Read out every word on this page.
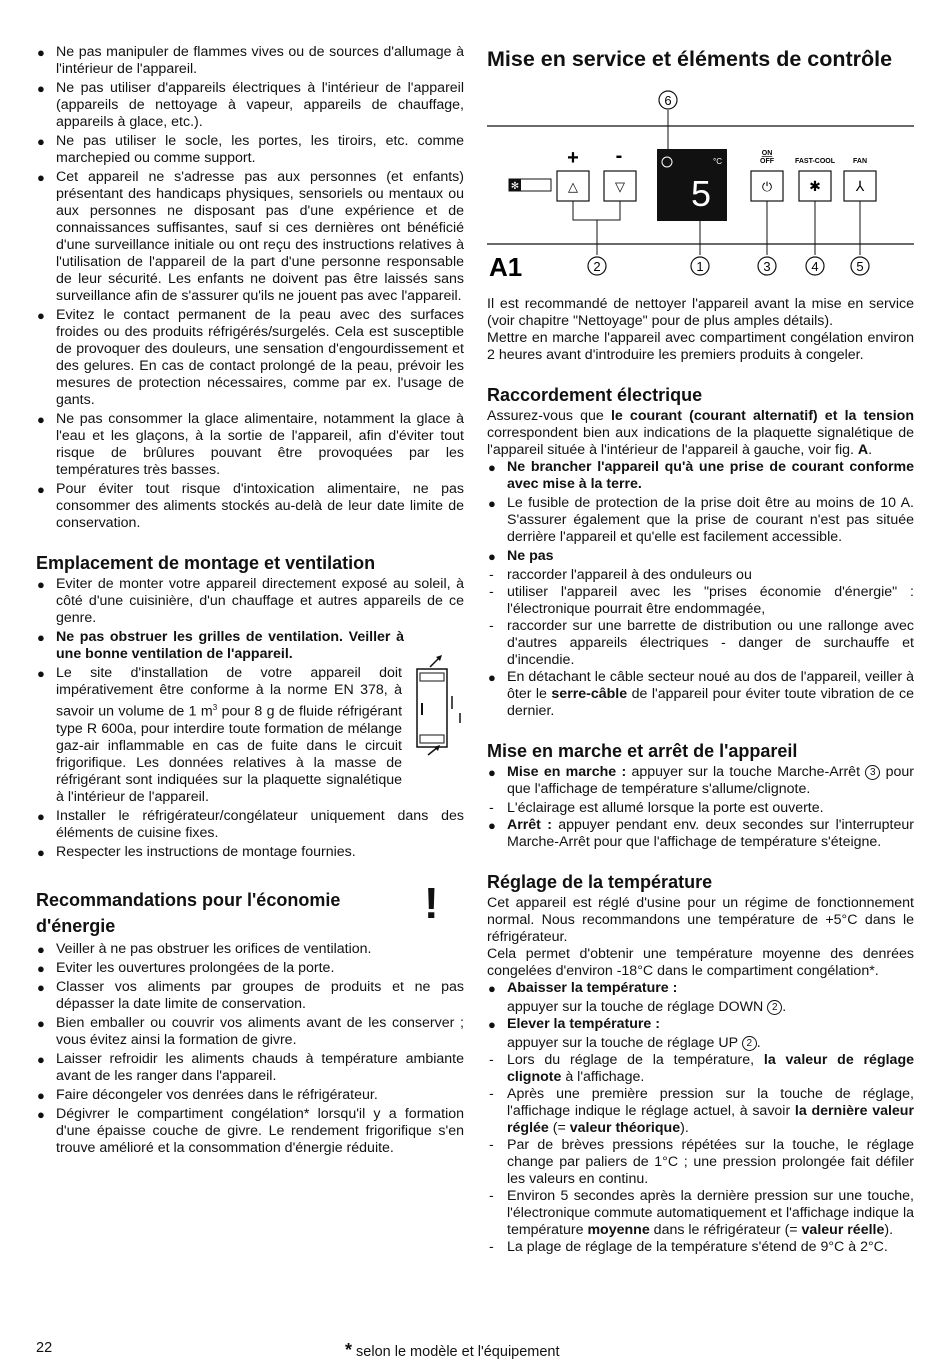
● Ne pas manipuler de flammes vives ou de sources d'allumage à l'intérieur de l'appareil.

● Ne pas utiliser d'appareils électriques à l'intérieur de l'appareil (appareils de nettoyage à vapeur, appareils de chauffage, appareils à glace, etc.).

● Ne pas utiliser le socle, les portes, les tiroirs, etc. comme marchepied ou comme support.

● Cet appareil ne s'adresse pas aux personnes (et enfants) présentant des handicaps physiques, sensoriels ou mentaux ou aux personnes ne disposant pas d'une expérience et de connaissances suffisantes, sauf si ces dernières ont bénéficié d'une surveillance initiale ou ont reçu des instructions relatives à l'utilisation de l'appareil de la part d'une personne responsable de leur sécurité. Les enfants ne doivent pas être laissés sans surveillance afin de s'assurer qu'ils ne jouent pas avec l'appareil.

● Evitez le contact permanent de la peau avec des surfaces froides ou des produits réfrigérés/surgelés. Cela est susceptible de provoquer des douleurs, une sensation d'engourdissement et des gelures. En cas de contact prolongé de la peau, prévoir les mesures de protection nécessaires, comme par ex. l'usage de gants.

● Ne pas consommer la glace alimentaire, notamment la glace à l'eau et les glaçons, à la sortie de l'appareil, afin d'éviter tout risque de brûlures pouvant être provoquées par les températures très basses.

● Pour éviter tout risque d'intoxication alimentaire, ne pas consommer des aliments stockés au-delà de leur date limite de conservation.

Emplacement de montage et ventilation

● Eviter de monter votre appareil directement exposé au soleil, à côté d'une cuisinière, d'un chauffage et autres appareils de ce genre.

● Ne pas obstruer les grilles de ventilation. Veiller à une bonne ventilation de l'appareil.

● Le site d'installation de votre appareil doit impérativement être conforme à la norme EN 378, à savoir un volume de 1 $m^3$ pour 8 g de fluide réfrigérant type R 600a, pour interdire toute formation de mélange gaz-air inflammable en cas de fuite dans le circuit frigorifique. Les données relatives à la masse de réfrigérant sont indiquées sur la plaquette signalétique à l'intérieur de l'appareil.

● Installer le réfrigérateur/congélateur uniquement dans des éléments de cuisine fixes.

● Respecter les instructions de montage fournies.

Recommandations pour l'économie d'énergie	!

● Veiller à ne pas obstruer les orifices de ventilation.

● Eviter les ouvertures prolongées de la porte.

● Classer vos aliments par groupes de produits et ne pas dépasser la date limite de conservation.

● Bien emballer ou couvrir vos aliments avant de les conserver ; vous évitez ainsi la formation de givre.

● Laisser refroidir les aliments chauds à température ambiante avant de les ranger dans l'appareil.

● Faire décongeler vos denrées dans le réfrigérateur.

● Dégivrer le compartiment congélation* lorsqu'il y a formation d'une épaisse couche de givre. Le rendement frigorifique s'en trouve amélioré et la consommation d'énergie réduite.

Mise en service et éléments de contrôle
6
✻
+ -
△	▽
°C
5
ON
OFF	FAST-COOL	FAN
⏻	✱ ⅄
A1	2	1	3	4	5

Il est recommandé de nettoyer l'appareil avant la mise en service (voir chapitre "Nettoyage" pour de plus amples détails).

Mettre en marche l'appareil avec compartiment congélation environ 2 heures avant d'introduire les premiers produits à congeler.

Raccordement électrique

Assurez-vous que le courant (courant alternatif) et la tension correspondent bien aux indications de la plaquette signalétique de l'appareil située à l'intérieur de l'appareil à gauche, voir fig. A.

● Ne brancher l'appareil qu'à une prise de courant conforme avec mise à la terre.

● Le fusible de protection de la prise doit être au moins de 10 A. S'assurer également que la prise de courant n'est pas située derrière l'appareil et qu'elle est facilement accessible.

● Ne pas

- raccorder l'appareil à des onduleurs ou

- utiliser l'appareil avec les "prises économie d'énergie" : l'électronique pourrait être endommagée,

- raccorder sur une barrette de distribution ou une rallonge avec d'autres appareils électriques - danger de surchauffe et d'incendie.

● En détachant le câble secteur noué au dos de l'appareil, veiller à ôter le serre-câble de l'appareil pour éviter toute vibration de ce dernier.

Mise en marche et arrêt de l'appareil

● Mise en marche : appuyer sur la touche Marche-Arrêt 3 pour que l'affichage de température s'allume/clignote.

- L'éclairage est allumé lorsque la porte est ouverte.

● Arrêt : appuyer pendant env. deux secondes sur l'interrupteur Marche-Arrêt pour que l'affichage de température s'éteigne.

Réglage de la température

Cet appareil est réglé d'usine pour un régime de fonctionnement normal. Nous recommandons une température de +5°C dans le réfrigérateur.

Cela permet d'obtenir une température moyenne des denrées congelées d'environ -18°C dans le compartiment congélation*.

● Abaisser la température :

appuyer sur la touche de réglage DOWN 2 .

● Elever la température :

appuyer sur la touche de réglage UP 2 .

- Lors du réglage de la température, la valeur de réglage clignote à l'affichage.

- Après une première pression sur la touche de réglage, l'affichage indique le réglage actuel, à savoir la dernière valeur réglée (= valeur théorique).

- Par de brèves pressions répétées sur la touche, le réglage change par paliers de 1°C ; une pression prolongée fait défiler les valeurs en continu.

- Environ 5 secondes après la dernière pression sur une touche, l'électronique commute automatiquement et l'affichage indique la température moyenne dans le réfrigérateur (= valeur réelle).

- La plage de réglage de la température s'étend de 9°C à 2°C.

22	* selon le modèle et l'équipement
